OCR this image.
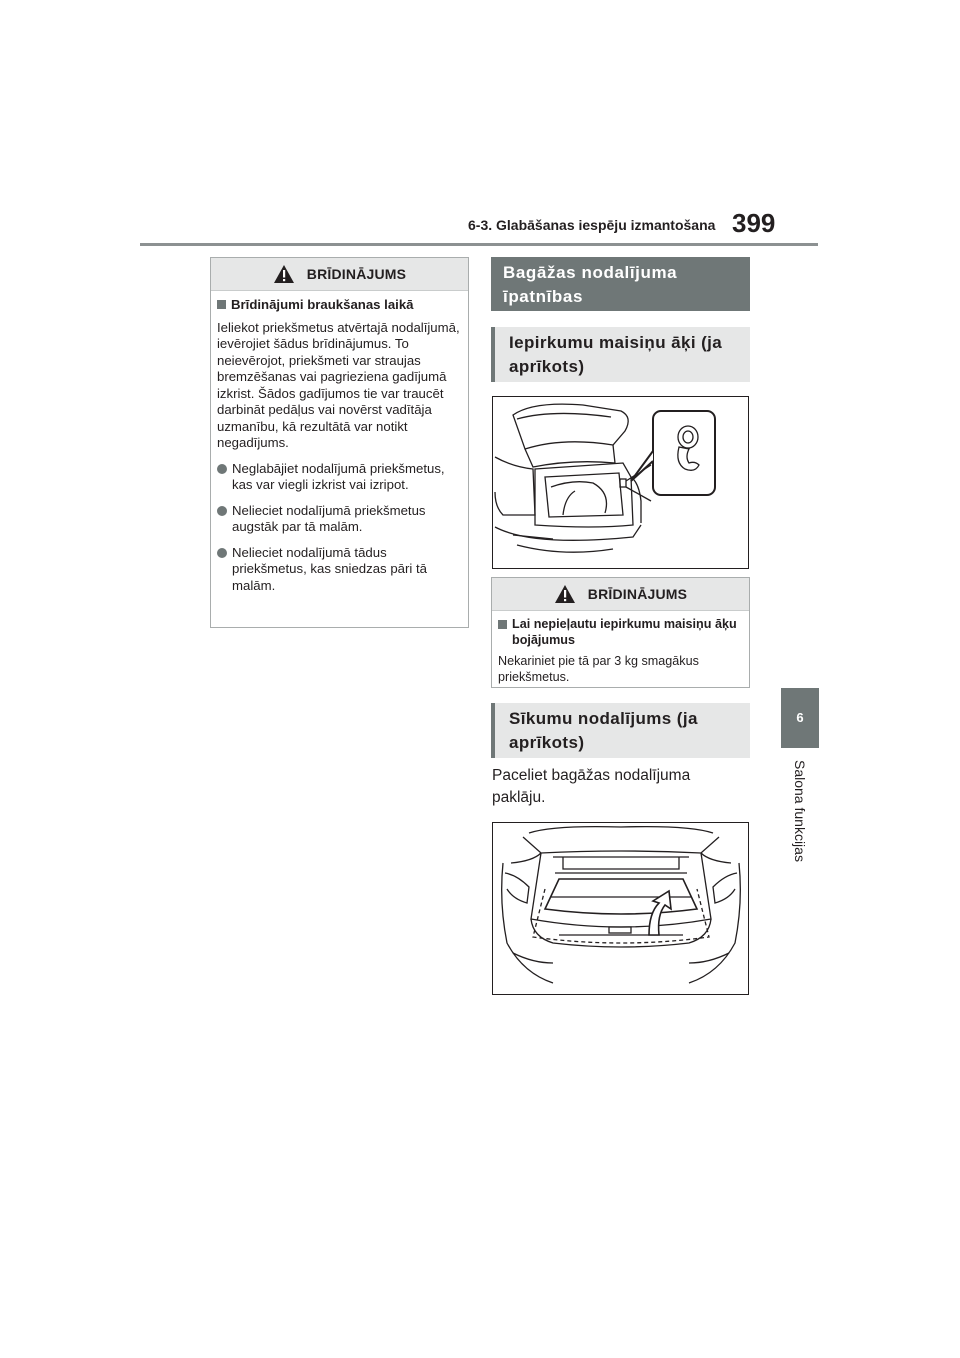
6-3. Glabāšanas iespēju izmantošana 399
6
Salona funkcijas
BRĪDINĀJUMS
Brīdinājumi braukšanas laikā

Ieliekot priekšmetus atvērtajā nodalījumā, ievērojiet šādus brīdinājumus. To neievērojot, priekšmeti var straujas bremzēšanas vai pagrieziena gadījumā izkrist. Šādos gadījumos tie var traucēt darbināt pedāļus vai novērst vadītāja uzmanību, kā rezultātā var notikt negadījums.

Neglabājiet nodalījumā priekšmetus, kas var viegli izkrist vai izripot.
Nelieciet nodalījumā priekšmetus augstāk par tā malām.
Nelieciet nodalījumā tādus priekšmetus, kas sniedzas pāri tā malām.
Bagāžas nodalījuma īpatnības
Iepirkumu maisiņu āķi (ja aprīkots)
BRĪDINĀJUMS
Lai nepieļautu iepirkumu maisiņu āķu bojājumus

Nekariniet pie tā par 3 kg smagākus priekšmetus.

Sīkumu nodalījums (ja aprīkots)
Paceliet bagāžas nodalījuma paklāju.
